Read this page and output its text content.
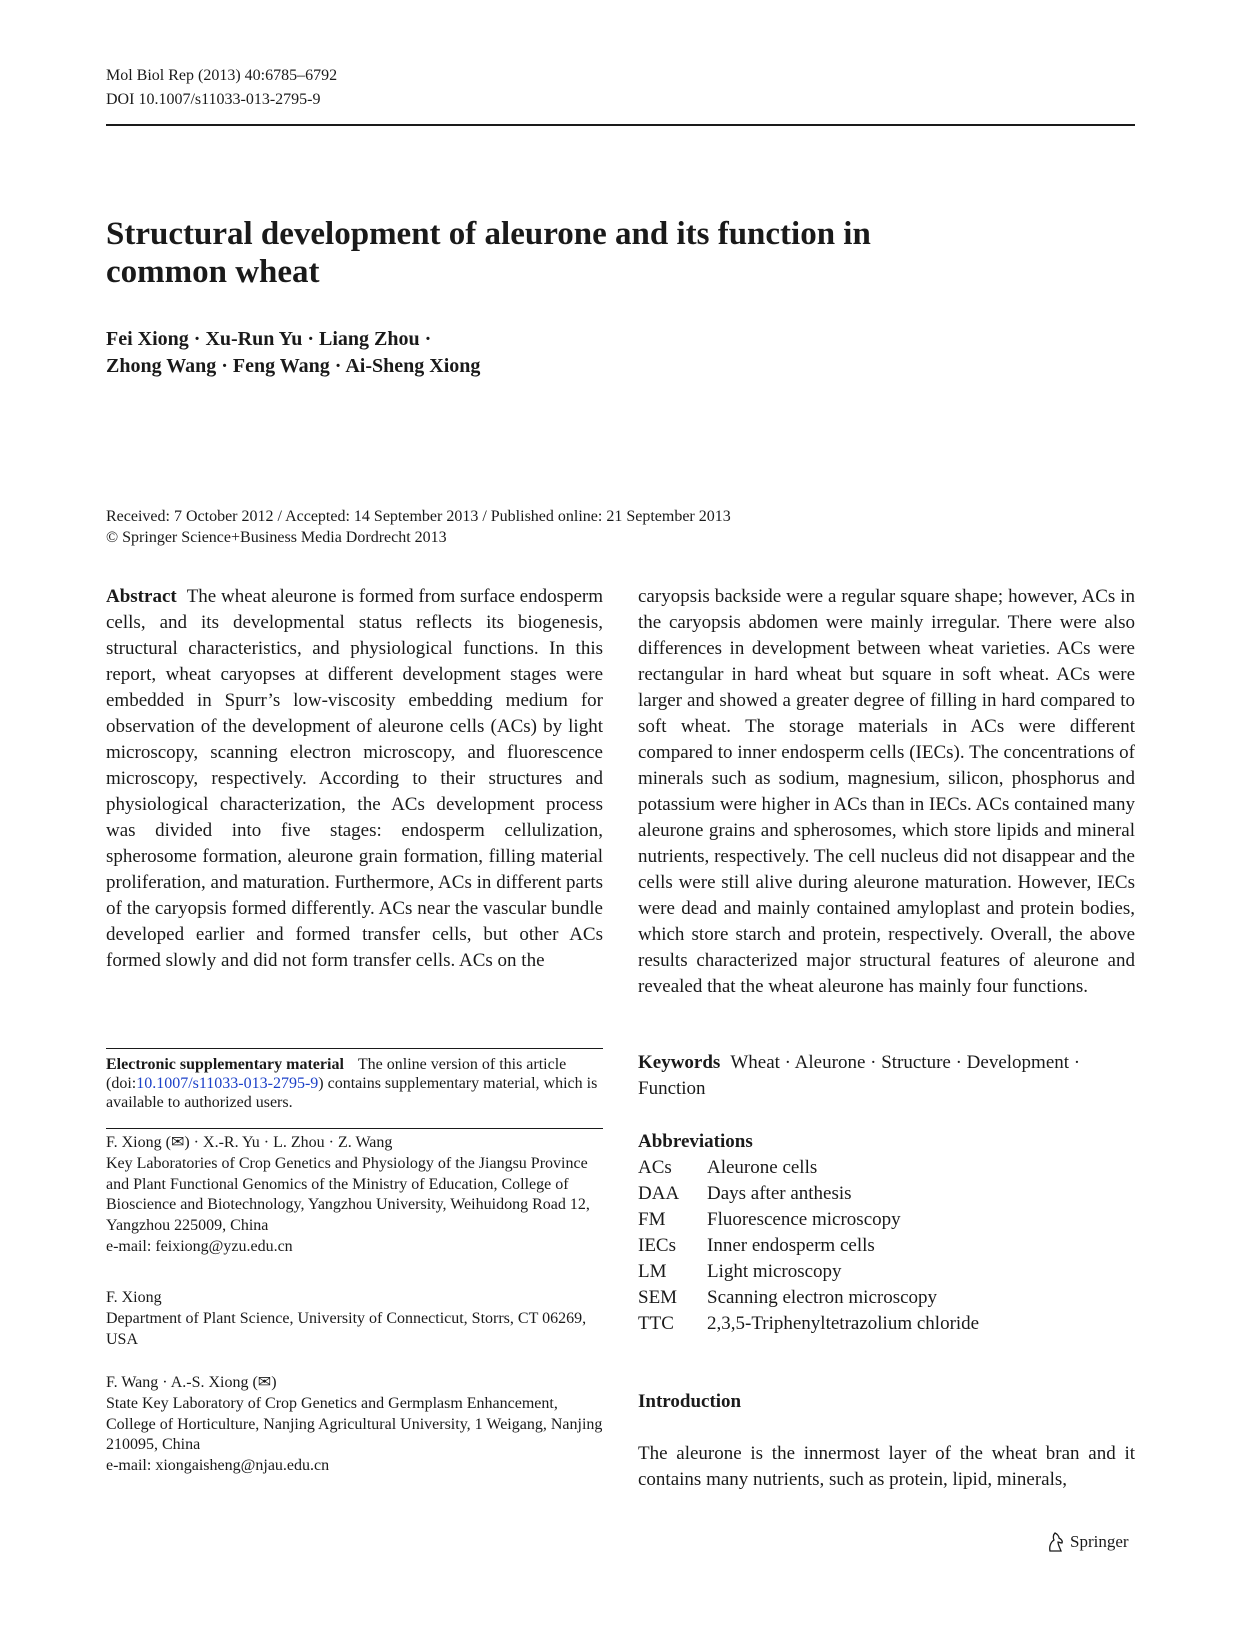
Mol Biol Rep (2013) 40:6785–6792
DOI 10.1007/s11033-013-2795-9
Structural development of aleurone and its function in common wheat
Fei Xiong · Xu-Run Yu · Liang Zhou ·
Zhong Wang · Feng Wang · Ai-Sheng Xiong
Received: 7 October 2012 / Accepted: 14 September 2013 / Published online: 21 September 2013
© Springer Science+Business Media Dordrecht 2013
Abstract The wheat aleurone is formed from surface endosperm cells, and its developmental status reflects its biogenesis, structural characteristics, and physiological functions. In this report, wheat caryopses at different development stages were embedded in Spurr’s low-viscosity embedding medium for observation of the development of aleurone cells (ACs) by light microscopy, scanning electron microscopy, and fluorescence microscopy, respectively. According to their structures and physiological characterization, the ACs development process was divided into five stages: endosperm cellulization, spherosome formation, aleurone grain formation, filling material proliferation, and maturation. Furthermore, ACs in different parts of the caryopsis formed differently. ACs near the vascular bundle developed earlier and formed transfer cells, but other ACs formed slowly and did not form transfer cells. ACs on the
caryopsis backside were a regular square shape; however, ACs in the caryopsis abdomen were mainly irregular. There were also differences in development between wheat varieties. ACs were rectangular in hard wheat but square in soft wheat. ACs were larger and showed a greater degree of filling in hard compared to soft wheat. The storage materials in ACs were different compared to inner endosperm cells (IECs). The concentrations of minerals such as sodium, magnesium, silicon, phosphorus and potassium were higher in ACs than in IECs. ACs contained many aleurone grains and spherosomes, which store lipids and mineral nutrients, respectively. The cell nucleus did not disappear and the cells were still alive during aleurone maturation. However, IECs were dead and mainly contained amyloplast and protein bodies, which store starch and protein, respectively. Overall, the above results characterized major structural features of aleurone and revealed that the wheat aleurone has mainly four functions.
Electronic supplementary material The online version of this article (doi:10.1007/s11033-013-2795-9) contains supplementary material, which is available to authorized users.
F. Xiong (✉) · X.-R. Yu · L. Zhou · Z. Wang
Key Laboratories of Crop Genetics and Physiology of the Jiangsu Province and Plant Functional Genomics of the Ministry of Education, College of Bioscience and Biotechnology, Yangzhou University, Weihuidong Road 12, Yangzhou 225009, China
e-mail: feixiong@yzu.edu.cn
F. Xiong
Department of Plant Science, University of Connecticut, Storrs, CT 06269, USA
F. Wang · A.-S. Xiong (✉)
State Key Laboratory of Crop Genetics and Germplasm Enhancement, College of Horticulture, Nanjing Agricultural University, 1 Weigang, Nanjing 210095, China
e-mail: xiongaisheng@njau.edu.cn
Keywords Wheat · Aleurone · Structure · Development · Function
Abbreviations
ACs	Aleurone cells
DAA	Days after anthesis
FM	Fluorescence microscopy
IECs	Inner endosperm cells
LM	Light microscopy
SEM	Scanning electron microscopy
TTC	2,3,5-Triphenyltetrazolium chloride
Introduction
The aleurone is the innermost layer of the wheat bran and it contains many nutrients, such as protein, lipid, minerals,
Springer
